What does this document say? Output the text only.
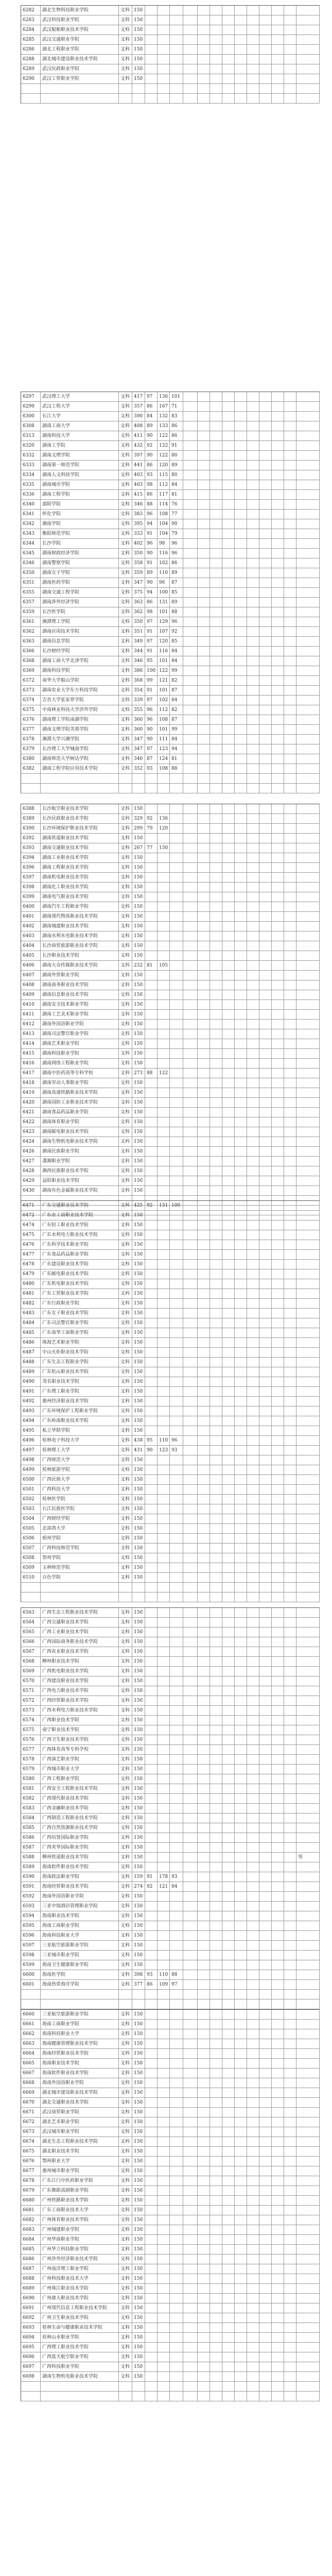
6282	湖北生物科技职业学院	文科 150
6283	武汉科技职业学院	文科 150
6284	武汉船舶职业技术学院	文科 150
6285	武汉交通职业学院	文科 150
6286	湖北工程职业学院	文科 150
6288	湖北城市建设职业技术学院	文科 150
6289	武汉民政职业学院	文科 150
6290	武汉工贸职业学院	文科 150
6297	武汉理工大学	文科 417 97	136 101
6299	武汉工程大学	文科 357 86	167 71
6300	长江大学	文科 390 84	132 83
6308	湖南工商大学	文科 408 89	133 86
6313	湖南科技大学	文科 411 90	122 86
6320	湖南工学院	文科 432 92	122 91
6332	湖南文理学院	文科 397 90	122 80
6333	湖南第一师范学院	文科 441 86	120 89
6334	湖南人文科技学院	文科 403 93	115 80
6335	湖南城市学院	文科 403 98	112 84
6336	湖南工程学院	文科 415 86	117 81
6340	邵阳学院	文科 346 88	114 76
6341	怀化学院	文科 383 96	108 77
6342	湘南学院	文科 395 94	104 90
6343	衡阳师范学院	文科 333 91	104 79
6344	长沙学院	文科 402 96	98	96
6345	湖南财政经济学院	文科 350 90	116 96
6346	湖南警察学院	文科 358 91	102 86
6350	湖南女子学院	文科 359 89	110 89
6351	湖南医药学院	文科 347 90	96	87
6355	湖南交通工程学院	文科 375 94	100 85
6357	湖南涉外经济学院	文科 363 86	131 89
6359	长沙医学院	文科 362 98	101 88
6361	湘潭理工学院	文科 350 97	129 96
6362	湖南应用技术学院	文科 351 91	107 92
6363	湖南信息学院	文科 349 97	120 85
6366	长沙财经学院	文科 344 91	116 84
6368	湖南工商大学北津学院	文科 346 95	101 84
6369	湖南科技学院	文科 386 100 122 99
6372	南华大学船山学院	文科 368 99	121 82
6373	湖南农业大学东方科技学院	文科 354 91	101 87
6374	吉首大学张家界学院	文科 339 97	102 84
6375	中南林业科技大学涉外学院	文科 355 96	112 82
6376	湖南理工学院南湖学院	文科 360 96	108 87
6377	湖南文理学院芙蓉学院	文科 360 90	101 99
6378	湘潭大学兴湘学院	文科 347 90	111 84
6379	长沙理工大学城南学院	文科 347 97	123 94
6380	湖南师范大学树达学院	文科 340 87	124 81
6382	湖南工程学院应用技术学院	文科 352 93	108 88
6388	长沙航空职业技术学院	文科 150
6389	长沙民政职业技术学院	文科 329 92	136
6390	长沙环境保护职业技术学院	文科 299 79	120
6392	湖南铁道职业技术学院	文科 150
6393	湖南交通职业技术学院	文科 267 77	130
6394	湖南工业职业技术学院	文科 150
6396	湖南工程职业技术学院	文科 150
6397	湖南机电职业技术学院	文科 150
6398	湖南化工职业技术学院	文科 150
6399	湖南电气职业技术学院	文科 150
6400	湖南汽车工程职业学院	文科 150
6401	湖南现代物流职业技术学院	文科 150
6402	湖南城建职业技术学院	文科 150
6403	湖南水利水电职业技术学院	文科 150
6404	长沙商贸旅游职业技术学院	文科 150
6405	长沙职业技术学院	文科 150
6406	湖南大众传媒职业技术学院	文科 232 81	105
6407	湖南外贸职业学院	文科 150
6408	湖南商务职业技术学院	文科 150
6409	湖南信息职业技术学院	文科 150
6410	湖南安全技术职业学院	文科 150
6411	湖南工艺美术职业学院	文科 150
6412	湖南外国语职业学院	文科 150
6413	湖南司法警官职业学院	文科 150
6414	湖南艺术职业学院	文科 150
6415	湖南科技职业学院	文科 150
6416	湖南网络工程职业学院	文科 150
6417	湖南中医药高等专科学校	文科 273 88	122
6418	湖南劳动人事职业学院	文科 150
6419	湖南高速铁路职业技术学院	文科 150
6420	湖南国防工业职业技术学院	文科 150
6421	湖南食品药品职业学院	文科 150
6422	湖南体育职业学院	文科 150
6423	湖南邮电职业技术学院	文科 150
6424	湖南生物机电职业技术学院	文科 150
6426	湖南民族职业学院	文科 150
6427	潇湘职业学院	文科 150
6428	湘西民族职业技术学院	文科 150
6429	益阳职业技术学院	文科 150
6430	湖南有色金属职业技术学院	文科 150
6471	广东交通职业技术学院	文科 425 92	131 100
6472	广东农工商职业技术学院	文科 150
6474	广东轻工职业技术学院	文科 150
6475	广东水利电力职业技术学院	文科 150
6476	广东科学技术职业学院	文科 150
6477	广东食品药品职业学院	文科 150
6478	广东建设职业技术学院	文科 150
6479	广东邮电职业技术学院	文科 150
6480	广东机电职业技术学院	文科 150
6481	广东工贸职业技术学院	文科 150
6482	广东行政职业学院	文科 150
6483	广东女子职业技术学院	文科 150
6484	广东司法警官职业学院	文科 150
6485	广东南华工商职业学院	文科 150
6486	珠海艺术职业学院	文科 150
6487	中山火炬职业技术学院	文科 150
6488	广东生态工程职业学院	文科 150
6489	广东松山职业技术学院	文科 150
6490	茂名职业技术学院	文科 150
6491	广东理工职业学院	文科 150
6492	惠州经济职业技术学院	文科 150
6493	广东环境保护工程职业学院	文科 150
6494	广东岭南职业技术学院	文科 150
6495	私立华联学院	文科 150
6496	桂林电子科技大学	文科 438 95	110 96
6497	桂林理工大学	文科 431 90	123 93
6498	广西师范大学	文科 150
6499	桂林旅游学院	文科 150
6500	广西民族大学	文科 150
6501	广西科技大学	文科 150
6502	桂林医学院	文科 150
6503	右江民族医学院	文科 150
6504	广西财经学院	文科 150
6505	北部湾大学	文科 150
6506	梧州学院	文科 150
6507	广西科技师范学院	文科 150
6508	贺州学院	文科 150
6509	玉林师范学院	文科 150
6510	百色学院	文科 150
6563	广西生态工程职业技术学院	文科 150
6564	广西交通职业技术学院	文科 150
6565	广西工业职业技术学院	文科 150
6566	广西国际商务职业技术学院	文科 150
6567	广西农业职业技术学院	文科 150
6568	柳州职业技术学院	文科 150
6569	广西机电职业技术学院	文科 150
6570	广西建设职业技术学院	文科 150
6571	广西电力职业技术学院	文科 150
6572	广西经贸职业技术学院	文科 150
6573	广西水利电力职业技术学院	文科 150
6574	广西职业技术学院	文科 150
6575	南宁职业技术学院	文科 150
6576	广西卫生职业技术学院	文科 150
6577	广西体育高等专科学校	文科 150
6578	广西演艺职业学院	文科 150
6579	广西城市职业大学	文科 150
6580	广西工程职业学院	文科 150
6581	广西安全工程职业技术学院	文科 150
6582	广西现代职业技术学院	文科 150
6583	广西金融职业技术学院	文科 150
6584	广西制造工程职业技术学院	文科 150
6585	广西自然资源职业技术学院	文科 150
6586	广西培贤国际职业学院	文科 150
6587	广西英华国际职业学院	文科 150
6588	柳州铁道职业技术学院	文科 150	男
6589	海南软件职业技术学院	文科 150
6590	海南政法职业学院	文科 159 91	178 93
6591	海南经贸职业技术学院	文科 274 92	121 84
6592	海南外国语职业学院	文科 150
6593	三亚中瑞酒店管理职业学院	文科 150
6594	海南职业技术学院	文科 150
6595	海南工商职业学院	文科 150
6596	海南科技职业大学	文科 150
6597	三亚航空旅游职业学院	文科 150
6598	三亚城市职业学院	文科 150
6599	海南卫生健康职业学院	文科 150
6600	海南医学院	文科 398 93	110 88
6601	海南热带海洋学院	文科 377 86	109 97
6660	三亚航空旅游职业学院	文科 150
6661	海南工商职业学院	文科 150
6662	海南科技职业大学	文科 150
6663	海南健康管理职业技术学院	文科 150
6664	海南经贸职业技术学院	文科 150
6665	海南职业技术学院	文科 150
6667	海南软件职业技术学院	文科 150
6668	海南外国语职业学院	文科 150
6669	湖北城市建设职业技术学院	文科 150
6670	湖北交通职业技术学院	文科 150
6671	武汉商贸职业学院	文科 150
6672	湖北艺术职业学院	文科 150
6673	武汉城市职业学院	文科 150
6674	湖北生态工程职业技术学院	文科 150
6675	湖北职业技术学院	文科 150
6676	鄂州职业大学	文科 150
6677	惠州城市职业学院	文科 150
6678	广东江门中医药职业学院	文科 150
6679	广东舞蹈戏剧职业学院	文科 150
6680	广州铁路职业技术学院	文科 150
6681	广东工商职业技术大学	文科 150
6682	广州体育职业技术学院	文科 150
6683	广州城建职业学院	文科 150
6684	广州华商职业学院	文科 150
6685	广州华立科技职业学院	文科 150
6686	广州涉外经济职业技术学院	文科 150
6687	广州南洋理工职业学院	文科 150
6688	广州科技职业技术大学	文科 150
6689	广州珠江职业技术学院	文科 150
6690	广州康大职业技术学院	文科 150
6691	广州现代信息工程职业技术学院	文科 150
6692	广州卫生职业技术学院	文科 150
6693	桂林生命与健康职业技术学院	文科 150
6694	桂林山水职业学院	文科 150
6695	广西理工职业技术学院	文科 150
6696	广西蓝天航空职业学院	文科 150
6697	广西科技职业学院	文科 150
6698	湖南生物机电职业技术学院	文科 150
